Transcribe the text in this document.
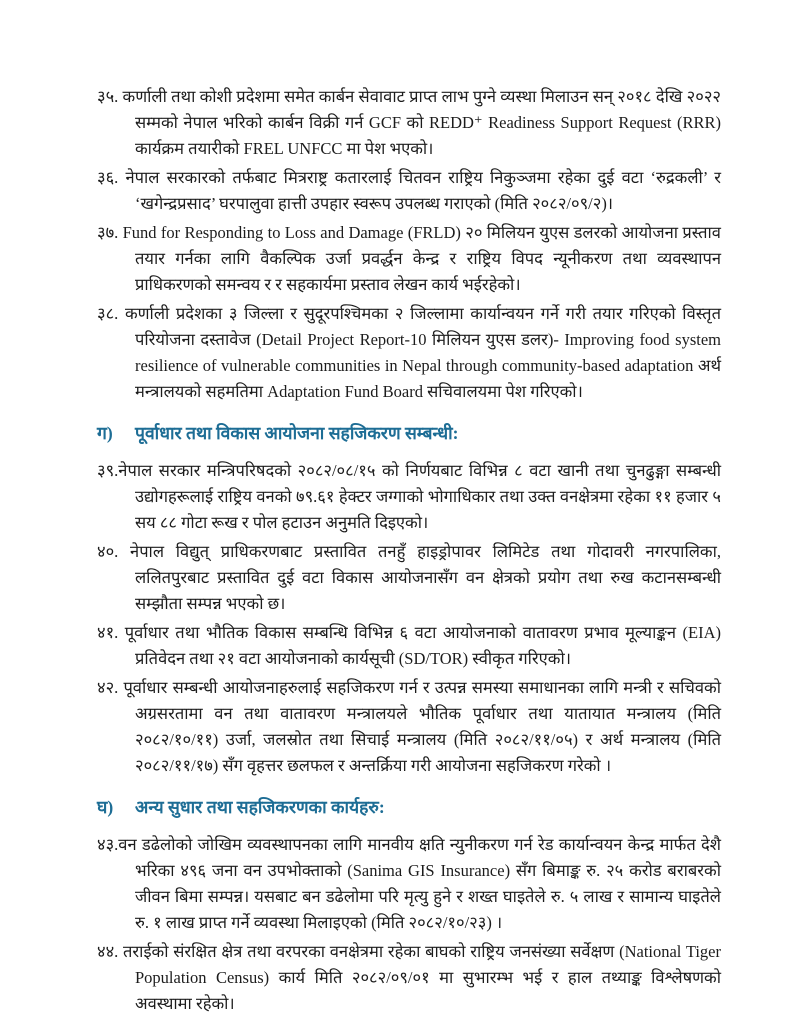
३५. कर्णाली तथा कोशी प्रदेशमा समेत कार्बन सेवावाट प्राप्त लाभ पुग्ने व्यस्था मिलाउन सन् २०१८ देखि २०२२ सम्मको नेपाल भरिको कार्बन विक्री गर्न GCF को REDD⁺ Readiness Support Request (RRR) कार्यक्रम तयारीको FREL UNFCC मा पेश भएको।
३६. नेपाल सरकारको तर्फबाट मित्रराष्ट्र कतारलाई चितवन राष्ट्रिय निकुञ्जमा रहेका दुई वटा ‘रुद्रकली’ र ‘खगेन्द्रप्रसाद’ घरपालुवा हात्ती उपहार स्वरूप उपलब्ध गराएको (मिति २०८२/०९/२)।
३७. Fund for Responding to Loss and Damage (FRLD) २० मिलियन युएस डलरको आयोजना प्रस्ताव तयार गर्नका लागि वैकल्पिक उर्जा प्रवर्द्धन केन्द्र र राष्ट्रिय विपद न्यूनीकरण तथा व्यवस्थापन प्राधिकरणको समन्वय र र सहकार्यमा प्रस्ताव लेखन कार्य भईरहेको।
३८. कर्णाली प्रदेशका ३ जिल्ला र सुदूरपश्चिमका २ जिल्लामा कार्यान्वयन गर्ने गरी तयार गरिएको विस्तृत परियोजना दस्तावेज (Detail Project Report-10 मिलियन युएस डलर)- Improving food system resilience of vulnerable communities in Nepal through community-based adaptation अर्थ मन्त्रालयको सहमतिमा Adaptation Fund Board सचिवालयमा पेश गरिएको।
ग) पूर्वाधार तथा विकास आयोजना सहजिकरण सम्बन्धी:
३९.नेपाल सरकार मन्त्रिपरिषदको २०८२/०८/१५ को निर्णयबाट विभिन्न ८ वटा खानी तथा चुनढुङ्गा सम्बन्धी उद्योगहरूलाई राष्ट्रिय वनको ७९.६१ हेक्टर जग्गाको भोगाधिकार तथा उक्त वनक्षेत्रमा रहेका ११ हजार ५ सय ८८ गोटा रूख र पोल हटाउन अनुमति दिइएको।
४०. नेपाल विद्युत् प्राधिकरणबाट प्रस्तावित तनहुँ हाइड्रोपावर लिमिटेड तथा गोदावरी नगरपालिका, ललितपुरबाट प्रस्तावित दुई वटा विकास आयोजनासँग वन क्षेत्रको प्रयोग तथा रुख कटानसम्बन्धी सम्झौता सम्पन्न भएको छ।
४१. पूर्वाधार तथा भौतिक विकास सम्बन्धि विभिन्न ६ वटा आयोजनाको वातावरण प्रभाव मूल्याङ्कन (EIA) प्रतिवेदन तथा २१ वटा आयोजनाको कार्यसूची (SD/TOR) स्वीकृत गरिएको।
४२. पूर्वाधार सम्बन्धी आयोजनाहरुलाई सहजिकरण गर्न र उत्पन्न समस्या समाधानका लागि मन्त्री र सचिवको अग्रसरतामा वन तथा वातावरण मन्त्रालयले भौतिक पूर्वाधार तथा यातायात मन्त्रालय (मिति २०८२/१०/११) उर्जा, जलस्रोत तथा सिचाई मन्त्रालय (मिति २०८२/११/०५) र अर्थ मन्त्रालय (मिति २०८२/११/१७) सँग वृहत्तर छलफल र अन्तर्क्रिया गरी आयोजना सहजिकरण गरेको ।
घ) अन्य सुधार तथा सहजिकरणका कार्यहरु:
४३.वन डढेलोको जोखिम व्यवस्थापनका लागि मानवीय क्षति न्युनीकरण गर्न रेड कार्यान्वयन केन्द्र मार्फत देशै भरिका ४९६ जना वन उपभोक्ताको (Sanima GIS Insurance) सँग बिमाङ्क रु. २५ करोड बराबरको जीवन बिमा सम्पन्न। यसबाट बन डढेलोमा परि मृत्यु हुने र शख्त घाइतेले रु. ५ लाख र सामान्य घाइतेले रु. १ लाख प्राप्त गर्ने व्यवस्था मिलाइएको (मिति २०८२/१०/२३) ।
४४. तराईको संरक्षित क्षेत्र तथा वरपरका वनक्षेत्रमा रहेका बाघको राष्ट्रिय जनसंख्या सर्वेक्षण (National Tiger Population Census) कार्य मिति २०८२/०९/०१ मा सुभारम्भ भई र हाल तथ्याङ्क विश्लेषणको अवस्थामा रहेको।
